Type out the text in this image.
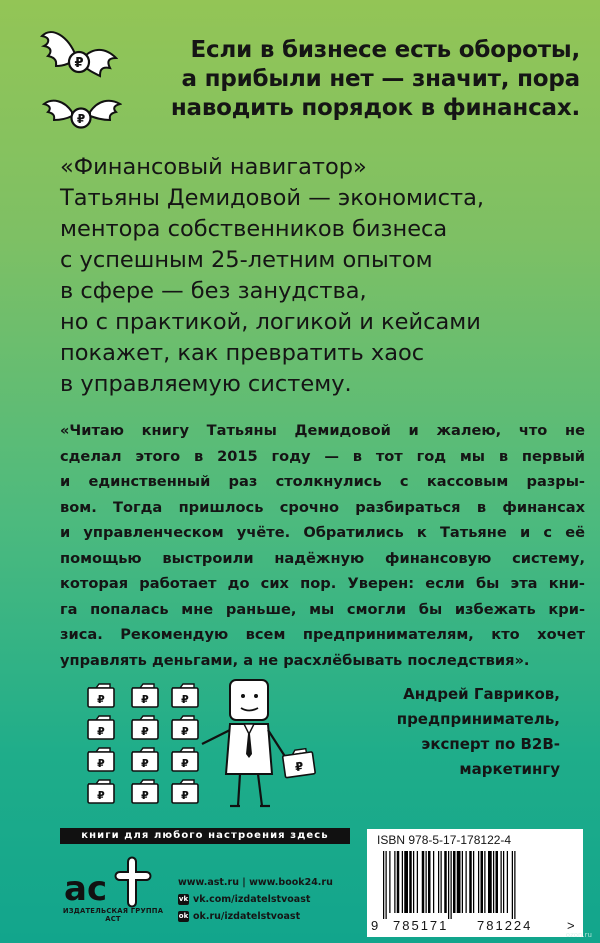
₽
₽
Если в бизнесе есть обороты,
а прибыли нет — значит, пора
наводить порядок в финансах.
«Финансовый навигатор»
Татьяны Демидовой — экономиста,
ментора собственников бизнеса
с успешным 25-летним опытом
в сфере — без занудства,
но с практикой, логикой и кейсами
покажет, как превратить хаос
в управляемую систему.
«Читаю книгу Татьяны Демидовой и жалею, что не
сделал этого в 2015 году — в тот год мы в первый
и единственный раз столкнулись с кассовым разры-
вом. Тогда пришлось срочно разбираться в финансах
и управленческом учёте. Обратились к Татьяне и с её
помощью выстроили надёжную финансовую систему,
которая работает до сих пор. Уверен: если бы эта кни-
га попалась мне раньше, мы смогли бы избежать кри-
зиса. Рекомендую всем предпринимателям, кто хочет
управлять деньгами, а не расхлёбывать последствия».
₽
Андрей Гавриков,
предприниматель,
эксперт по B2B-
маркетингу
книги для любого настроения здесь
ас
ИЗДАТЕЛЬСКАЯ ГРУППА АСТ
www.ast.ru | www.book24.ru
vk vk.com/izdatelstvoast
ok ok.ru/izdatelstvoast
ISBN 978-5-17-178122-4
9 785171 781224	>
ozon.ru
